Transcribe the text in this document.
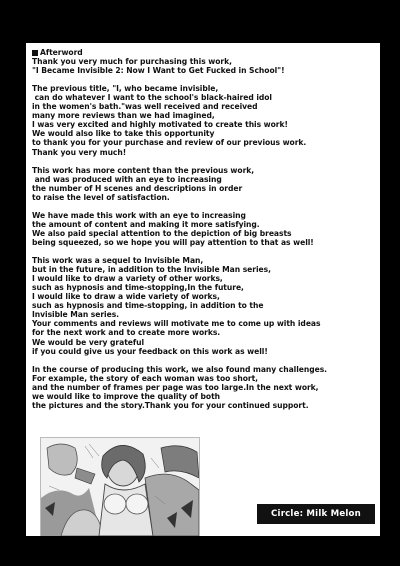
Afterword
Thank you very much for purchasing this work,
"I Became Invisible 2: Now I Want to Get Fucked in School"!
The previous title, "I, who became invisible,
can do whatever I want to the school's black-haired idol
in the women's bath."was well received and received
many more reviews than we had imagined,
I was very excited and highly motivated to create this work!
We would also like to take this opportunity
to thank you for your purchase and review of our previous work.
Thank you very much!
This work has more content than the previous work,
and was produced with an eye to increasing
the number of H scenes and descriptions in order
to raise the level of satisfaction.
We have made this work with an eye to increasing
the amount of content and making it more satisfying.
We also paid special attention to the depiction of big breasts
being squeezed, so we hope you will pay attention to that as well!
This work was a sequel to Invisible Man,
but in the future, in addition to the Invisible Man series,
I would like to draw a variety of other works,
such as hypnosis and time-stopping,In the future,
I would like to draw a wide variety of works,
such as hypnosis and time-stopping, in addition to the
Invisible Man series.
Your comments and reviews will motivate me to come up with ideas
for the next work and to create more works.
We would be very grateful
if you could give us your feedback on this work as well!
In the course of producing this work, we also found many challenges.
For example, the story of each woman was too short,
and the number of frames per page was too large.In the next work,
we would like to improve the quality of both
the pictures and the story.Thank you for your continued support.
Circle: Milk Melon
